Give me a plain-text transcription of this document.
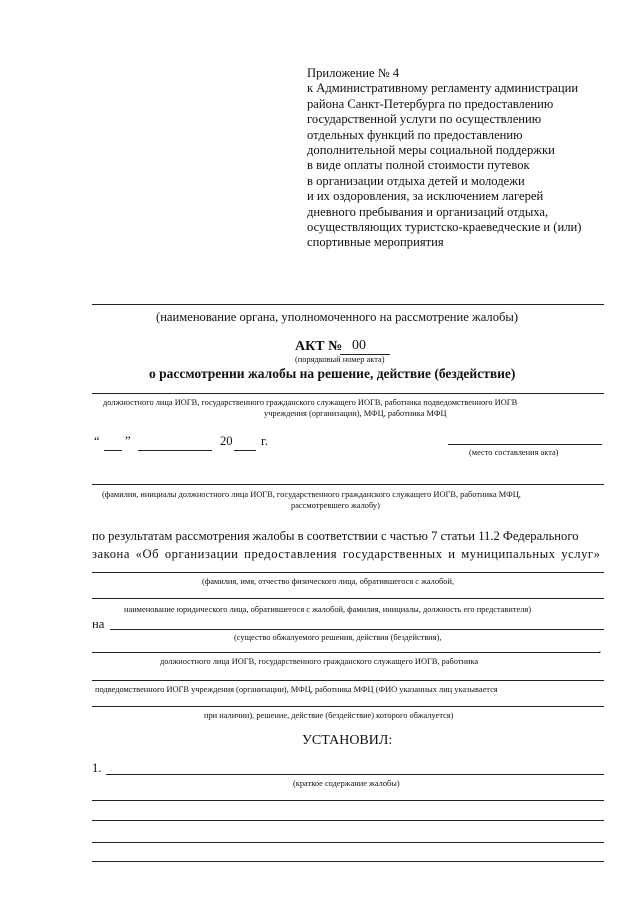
Приложение № 4
к Административному регламенту администрации
района Санкт-Петербурга по предоставлению
государственной услуги по осуществлению
отдельных функций по предоставлению
дополнительной меры социальной поддержки
в виде оплаты полной стоимости путевок
в организации отдыха детей и молодежи
и их оздоровления, за исключением лагерей
дневного пребывания и организаций отдыха,
осуществляющих туристско-краеведческие и (или)
спортивные мероприятия
(наименование органа, уполномоченного на рассмотрение жалобы)
АКТ № 00
(порядковый номер акта)
о рассмотрении жалобы на решение, действие (бездействие)
должностного лица ИОГВ, государственного гражданского служащего ИОГВ, работника подведомственного ИОГВ
учреждения (организации), МФЦ, работника МФЦ
“ ”	20 г.
(место составления акта)
(фамилия, инициалы должностного лица ИОГВ, государственного гражданского служащего ИОГВ, работника МФЦ,
рассмотревшего жалобу)
по результатам рассмотрения жалобы в соответствии с частью 7 статьи 11.2 Федерального
закона «Об организации предоставления государственных и муниципальных услуг»
(фамилия, имя, отчество физического лица, обратившегося с жалобой,
наименование юридического лица, обратившегося с жалобой, фамилия, инициалы, должность его представителя)
на
(существо обжалуемого решения, действия (бездействия),
,
должностного лица ИОГВ, государственного гражданского служащего ИОГВ, работника
подведомственного ИОГВ учреждения (организации), МФЦ, работника МФЦ (ФИО указанных лиц указывается
при наличии), решение, действие (бездействие) которого обжалуется)
УСТАНОВИЛ:
1.
(краткое содержание жалобы)
